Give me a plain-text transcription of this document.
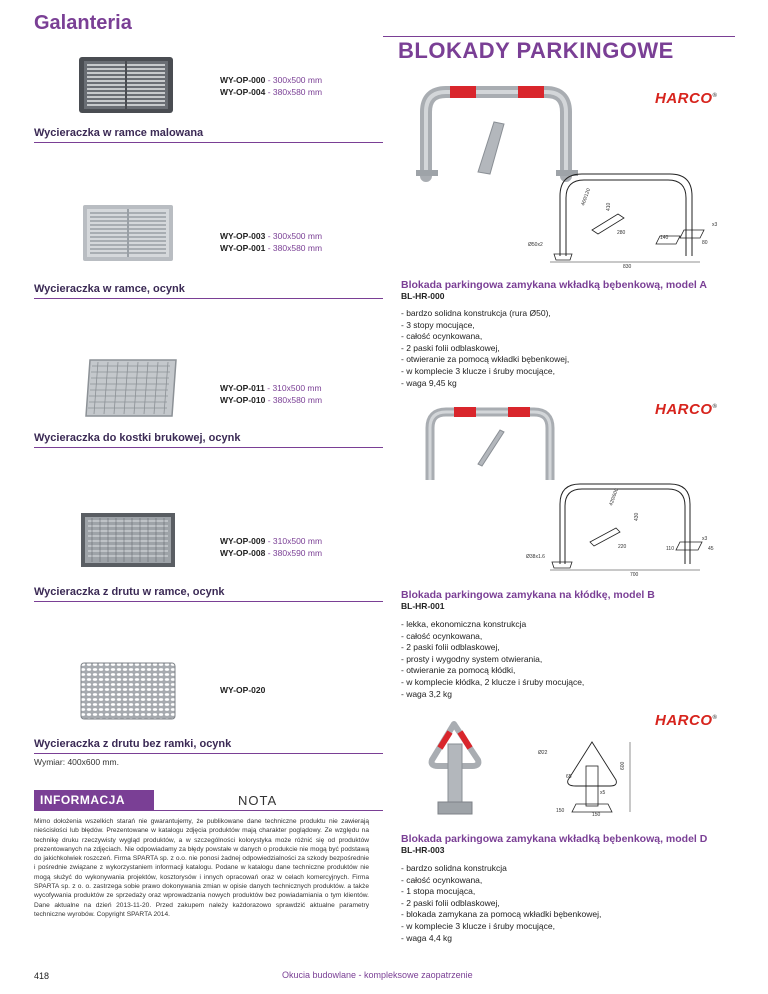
Galanteria
BLOKADY PARKINGOWE
WY-OP-000 - 300x500 mm
WY-OP-004 - 380x580 mm
Wycieraczka w ramce malowana
WY-OP-003 - 300x500 mm
WY-OP-001 - 380x580 mm
Wycieraczka w ramce, ocynk
WY-OP-011 - 310x500 mm
WY-OP-010 - 380x580 mm
Wycieraczka do kostki brukowej, ocynk
WY-OP-009 - 310x500 mm
WY-OP-008 - 380x590 mm
Wycieraczka z drutu w ramce, ocynk
WY-OP-020
Wycieraczka z drutu bez ramki, ocynk
Wymiar: 400x600 mm.
INFORMACJA	NOTA
Mimo dołożenia wszelkich starań nie gwarantujemy, że publikowane dane techniczne produktu nie zawierają nieścisłości lub błędów. Prezentowane w katalogu zdjęcia produktów mają charakter poglądowy. Ze względu na technikę druku rzeczywisty wygląd produktów, a w szczególności kolorystyka może różnić się od produktów prezentowanych na zdjęciach. Nie odpowiadamy za błędy powstałe w danych o produkcie nie mogą być podstawą do jakichkolwiek roszczeń. Firma SPARTA sp. z o.o. nie ponosi żadnej odpowiedzialności za szkody bezpośrednie i pośrednie związane z wykorzystaniem informacji katalogu. Podane w katalogu dane techniczne produktów nie mogą służyć do wykonywania projektów, kosztorysów i innych opracowań oraz w celach komercyjnych. Firma SPARTA sp. z o. o. zastrzega sobie prawo dokonywania zmian w opisie danych technicznych produktów. a także wycofywania produktów ze sprzedaży oraz wprowadzania nowych produktów bez powiadamiania o tym klientów. Dane aktualne na dzień 2013-11-20. Przed zakupem należy każdorazowo sprawdzić aktualne parametry techniczne wyrobów. Copyright SPARTA 2014.
HARCO®
460/120
410
Ø50x2
280
140
x3
830
80
Blokada parkingowa zamykana wkładką bębenkową, model A
BL-HR-000
- bardzo solidna konstrukcja (rura Ø50),
- 3 stopy mocujące,
- całość ocynkowana,
- 2 paski folii odblaskowej,
- otwieranie za pomocą wkładki bębenkowej,
- w komplecie 3 klucze i śruby mocujące,
- waga 9,45 kg
HARCO®
420/600
430
Ø38x1.6
220	110
x3
45
700
Blokada parkingowa zamykana na kłódkę, model B
BL-HR-001
- lekka, ekonomiczna konstrukcja
- całość ocynkowana,
- 2 paski folii odblaskowej,
- prosty i wygodny system otwierania,
- otwieranie za pomocą kłódki,
- w komplecie kłódka, 2 klucze i śruby mocujące,
- waga 3,2 kg
HARCO®
Ø22
600
65
x5
150
150
Blokada parkingowa zamykana wkładką bębenkową, model D
BL-HR-003
- bardzo solidna konstrukcja
- całość ocynkowana,
- 1 stopa mocująca,
- 2 paski folii odblaskowej,
- blokada zamykana za pomocą wkładki bębenkowej,
- w komplecie 3 klucze i śruby mocujące,
- waga 4,4 kg
418	Okucia budowlane - kompleksowe zaopatrzenie
